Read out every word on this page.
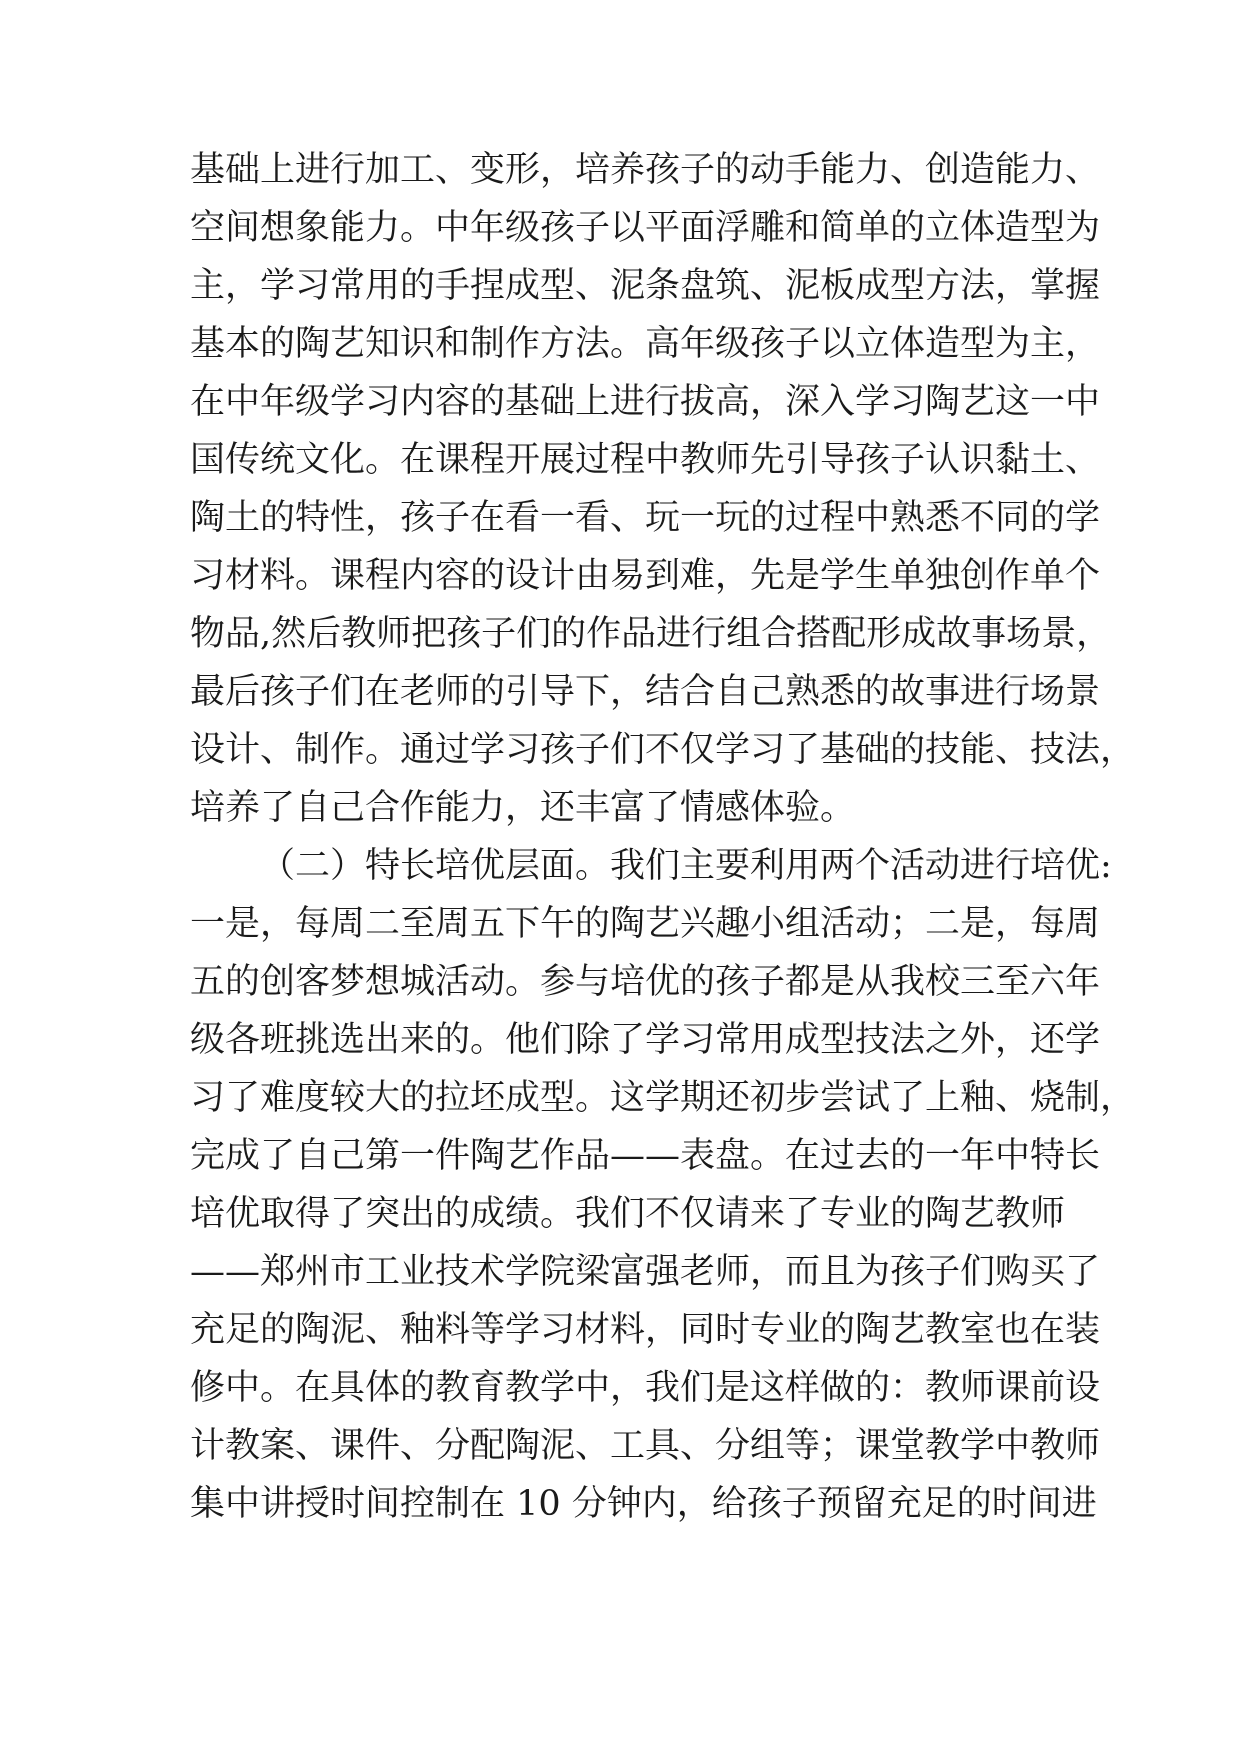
基础上进行加工、变形，培养孩子的动手能力、创造能力、
空间想象能力。中年级孩子以平面浮雕和简单的立体造型为
主，学习常用的手捏成型、泥条盘筑、泥板成型方法，掌握
基本的陶艺知识和制作方法。高年级孩子以立体造型为主，
在中年级学习内容的基础上进行拔高，深入学习陶艺这一中
国传统文化。在课程开展过程中教师先引导孩子认识黏土、
陶土的特性，孩子在看一看、玩一玩的过程中熟悉不同的学
习材料。课程内容的设计由易到难，先是学生单独创作单个
物品,然后教师把孩子们的作品进行组合搭配形成故事场景，
最后孩子们在老师的引导下，结合自己熟悉的故事进行场景
设计、制作。通过学习孩子们不仅学习了基础的技能、技法，
培养了自己合作能力，还丰富了情感体验。
（二）特长培优层面。我们主要利用两个活动进行培优:
一是，每周二至周五下午的陶艺兴趣小组活动；二是，每周
五的创客梦想城活动。参与培优的孩子都是从我校三至六年
级各班挑选出来的。他们除了学习常用成型技法之外，还学
习了难度较大的拉坯成型。这学期还初步尝试了上釉、烧制，
完成了自己第一件陶艺作品——表盘。在过去的一年中特长
培优取得了突出的成绩。我们不仅请来了专业的陶艺教师
——郑州市工业技术学院梁富强老师，而且为孩子们购买了
充足的陶泥、釉料等学习材料，同时专业的陶艺教室也在装
修中。在具体的教育教学中，我们是这样做的：教师课前设
计教案、课件、分配陶泥、工具、分组等；课堂教学中教师
集中讲授时间控制在 10 分钟内，给孩子预留充足的时间进
